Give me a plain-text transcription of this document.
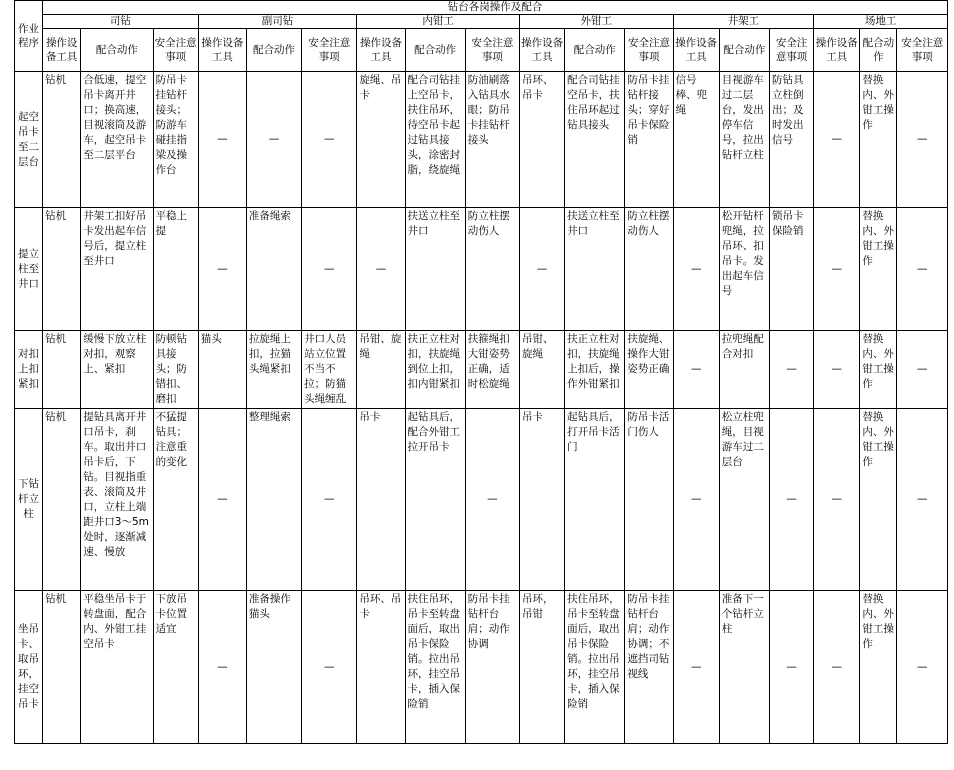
作业程序	钻台各岗操作及配合																	
	司钻			副司钻			内钳工			外钳工			井架工			场地工		
	操作设备工具	配合动作	安全注意事项	操作设备工具	配合动作	安全注意事项	操作设备工具	配合动作	安全注意事项	操作设备工具	配合动作	安全注意事项	操作设备工具	配合动作	安全注意事项	操作设备工具	配合动作	安全注意事项
起空吊卡至二层台	钻机	合低速，提空吊卡离开井口；换高速，目视滚筒及游车，起空吊卡至二层平台	防吊卡挂钻杆接头；防游车碰挂指梁及操作台	—	—	—	旋绳、吊卡	配合司钻挂上空吊卡，扶住吊环，待空吊卡起过钻具接头，涂密封脂，绕旋绳	防油刷落入钻具水眼；防吊卡挂钻杆接头	吊环、吊卡	配合司钻挂空吊卡，扶住吊环起过钻具接头	防吊卡挂钻杆接头；穿好吊卡保险销	信号棒、兜绳	目视游车过二层台，发出停车信号，拉出钻杆立柱	防钻具立柱倒出；及时发出信号	—	替换内、外钳工操作	—
提立柱至井口	钻机	井架工扣好吊卡发出起车信号后，提立柱至井口	平稳上提	—	准备绳索	—	—	扶送立柱至井口	防立柱摆动伤人	—	扶送立柱至井口	防立柱摆动伤人	—	松开钻杆兜绳，拉吊环、扣吊卡。发出起车信号	锁吊卡保险销	—	替换内、外钳工操作	—
对扣上扣紧扣	钻机	缓慢下放立柱对扣，观察上、紧扣	防顿钻具接头；防错扣、磨扣	猫头	拉旋绳上扣，拉猫头绳紧扣	井口人员站立位置不当不拉；防猫头绳缠乱	吊钳、旋绳	扶正立柱对扣，扶旋绳到位上扣，扣内钳紧扣	扶箍绳扣大钳姿势正确，适时松旋绳	吊钳、旋绳	扶正立柱对扣，扶旋绳上扣后，操作外钳紧扣	扶旋绳、操作大钳姿势正确	—	拉兜绳配合对扣	—	—	替换内、外钳工操作	—
下钻杆立柱	钻机	提钻具离开井口吊卡，刹车。取出井口吊卡后，下钻。目视指重表、滚筒及井口，立柱上端距井口3～5m处时，逐渐减速、慢放	不猛提钻具；注意重的变化	—	整理绳索	—	吊卡	起钻具后，配合外钳工拉开吊卡	—	吊卡	起钻具后，打开吊卡活门	防吊卡活门伤人	—	松立柱兜绳，目视游车过二层台	—	—	替换内、外钳工操作	—
坐吊卡、取吊环，挂空吊卡	钻机	平稳坐吊卡于转盘面，配合内、外钳工挂空吊卡	下放吊卡位置适宜	—	准备操作猫头	—	吊环、吊卡	扶住吊环，吊卡至转盘面后，取出吊卡保险销。拉出吊环，挂空吊卡，插入保险销	防吊卡挂钻杆台肩；动作协调	吊环，吊钳	扶住吊环，吊卡至转盘面后，取出吊卡保险销。拉出吊环，挂空吊卡，插入保险销	防吊卡挂钻杆台肩；动作协调；不遮挡司钻视线	—	准备下一个钻杆立柱	—	—	替换内、外钳工操作	—
